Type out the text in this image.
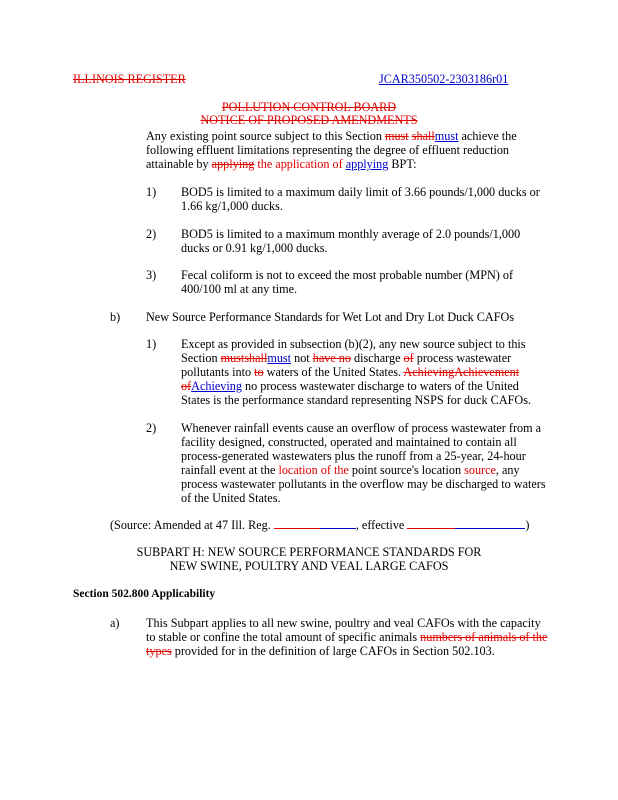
ILLINOIS REGISTER	JCAR350502-2303186r01
POLLUTION CONTROL BOARD
NOTICE OF PROPOSED AMENDMENTS
Any existing point source subject to this Section must shallmust achieve the
following effluent limitations representing the degree of effluent reduction
attainable by applying the application of applying BPT:
1) BOD5 is limited to a maximum daily limit of 3.66 pounds/1,000 ducks or
1.66 kg/1,000 ducks.
2) BOD5 is limited to a maximum monthly average of 2.0 pounds/1,000
ducks or 0.91 kg/1,000 ducks.
3) Fecal coliform is not to exceed the most probable number (MPN) of
400/100 ml at any time.
b) New Source Performance Standards for Wet Lot and Dry Lot Duck CAFOs
1) Except as provided in subsection (b)(2), any new source subject to this
Section mustshallmust not have no discharge of process wastewater
pollutants into to waters of the United States. AchievingAchievement
ofAchieving no process wastewater discharge to waters of the United
States is the performance standard representing NSPS for duck CAFOs.
2) Whenever rainfall events cause an overflow of process wastewater from a
facility designed, constructed, operated and maintained to contain all
process-generated wastewaters plus the runoff from a 25-year, 24-hour
rainfall event at the location of the point source's location source, any
process wastewater pollutants in the overflow may be discharged to waters
of the United States.
(Source: Amended at 47 Ill. Reg.	, effective	)
SUBPART H: NEW SOURCE PERFORMANCE STANDARDS FOR
NEW SWINE, POULTRY AND VEAL LARGE CAFOS
Section 502.800 Applicability
a) This Subpart applies to all new swine, poultry and veal CAFOs with the capacity
to stable or confine the total amount of specific animals numbers of animals of the
types provided for in the definition of large CAFOs in Section 502.103.
